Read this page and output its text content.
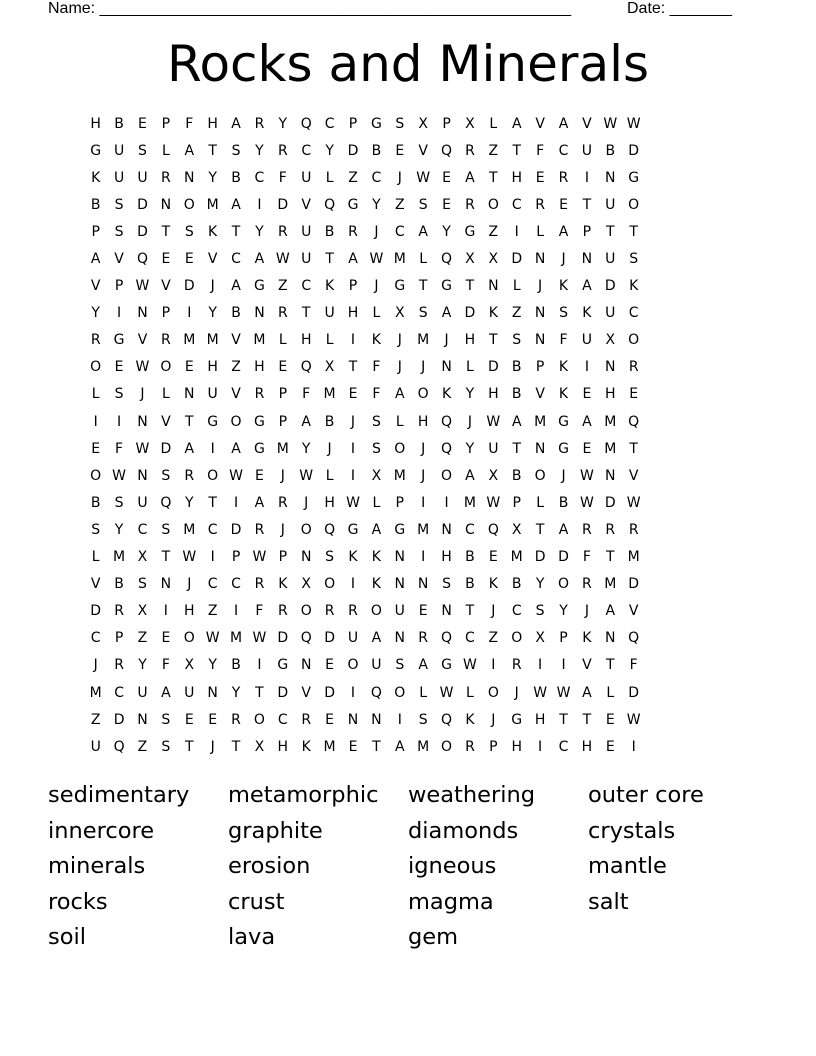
Name: _____________________________________________________	Date: _______
Rocks and Minerals
H B	E	P	F	H A R	Y Q C	P G S	X	P	X	L	A V A V W W
G U S	L	A	T	S	Y	R C	Y D B	E	V Q R Z	T	F	C U B D
K U U R N Y	B C	F	U	L	Z C	J	W E	A	T H E	R	I	N G
B	S D N O M A	I	D V Q G Y	Z	S	E	R O C R	E	T U O
P	S D T	S	K	T	Y	R U B R	J	C A	Y G Z	I	L	A	P	T	T
A V Q E	E	V C A W U T	A W M L Q X X D N	J	N U S
V	P W V D	J	A G Z C K	P	J	G T G T N	L	J	K	A D K
Y	I	N P	I	Y	B N R	T U H	L	X	S	A D K	Z N S	K U C
R G V R M M V M L	H	L	I	K	J	M	J	H T	S N	F	U X O
O E W O E H Z H E Q X	T	F	J	J	N	L	D B	P	K	I	N R
L	S	J	L	N U V R	P	F M E	F	A O K	Y H B V	K	E H E
I	I	N V	T G O G P	A B	J	S	L	H Q	J	W A M G A M Q
E	F W D A	I	A G M Y	J	I	S O	J	Q Y U T N G E M T
O W N S	R O W E	J	W L	I	X M	J	O A X B O	J	W N V
B	S U Q Y	T	I	A R	J	H W L	P	I	I	M W P	L	B W D W
S	Y	C	S M C D R	J	O Q G A G M N C Q X	T	A R R R
L M X	T W	I	P W P N S	K	K N	I	H B	E M D D F	T M
V B	S N	J	C C R K	X O	I	K N N S	B K	B	Y O R M D
D R X	I	H Z	I	F	R O R R O U E N T	J	C	S	Y	J	A V
C	P	Z	E O W M W D Q D U A N R Q C Z O X	P	K N Q
J	R	Y	F	X	Y	B	I	G N E O U S	A G W	I	R	I	I	V	T	F
M C U A U N Y	T D V D	I	Q O L W L O	J	W W A	L	D
Z D N S	E	E	R O C R	E N N	I	S Q K	J	G H T	T	E W
U Q Z	S	T	J	T	X H K M E	T	A M O R	P H	I	C H E	I
sedimentary	metamorphic	weathering	outer core
innercore	graphite	diamonds	crystals
minerals	erosion	igneous	mantle
rocks	crust	magma	salt
soil	lava	gem
